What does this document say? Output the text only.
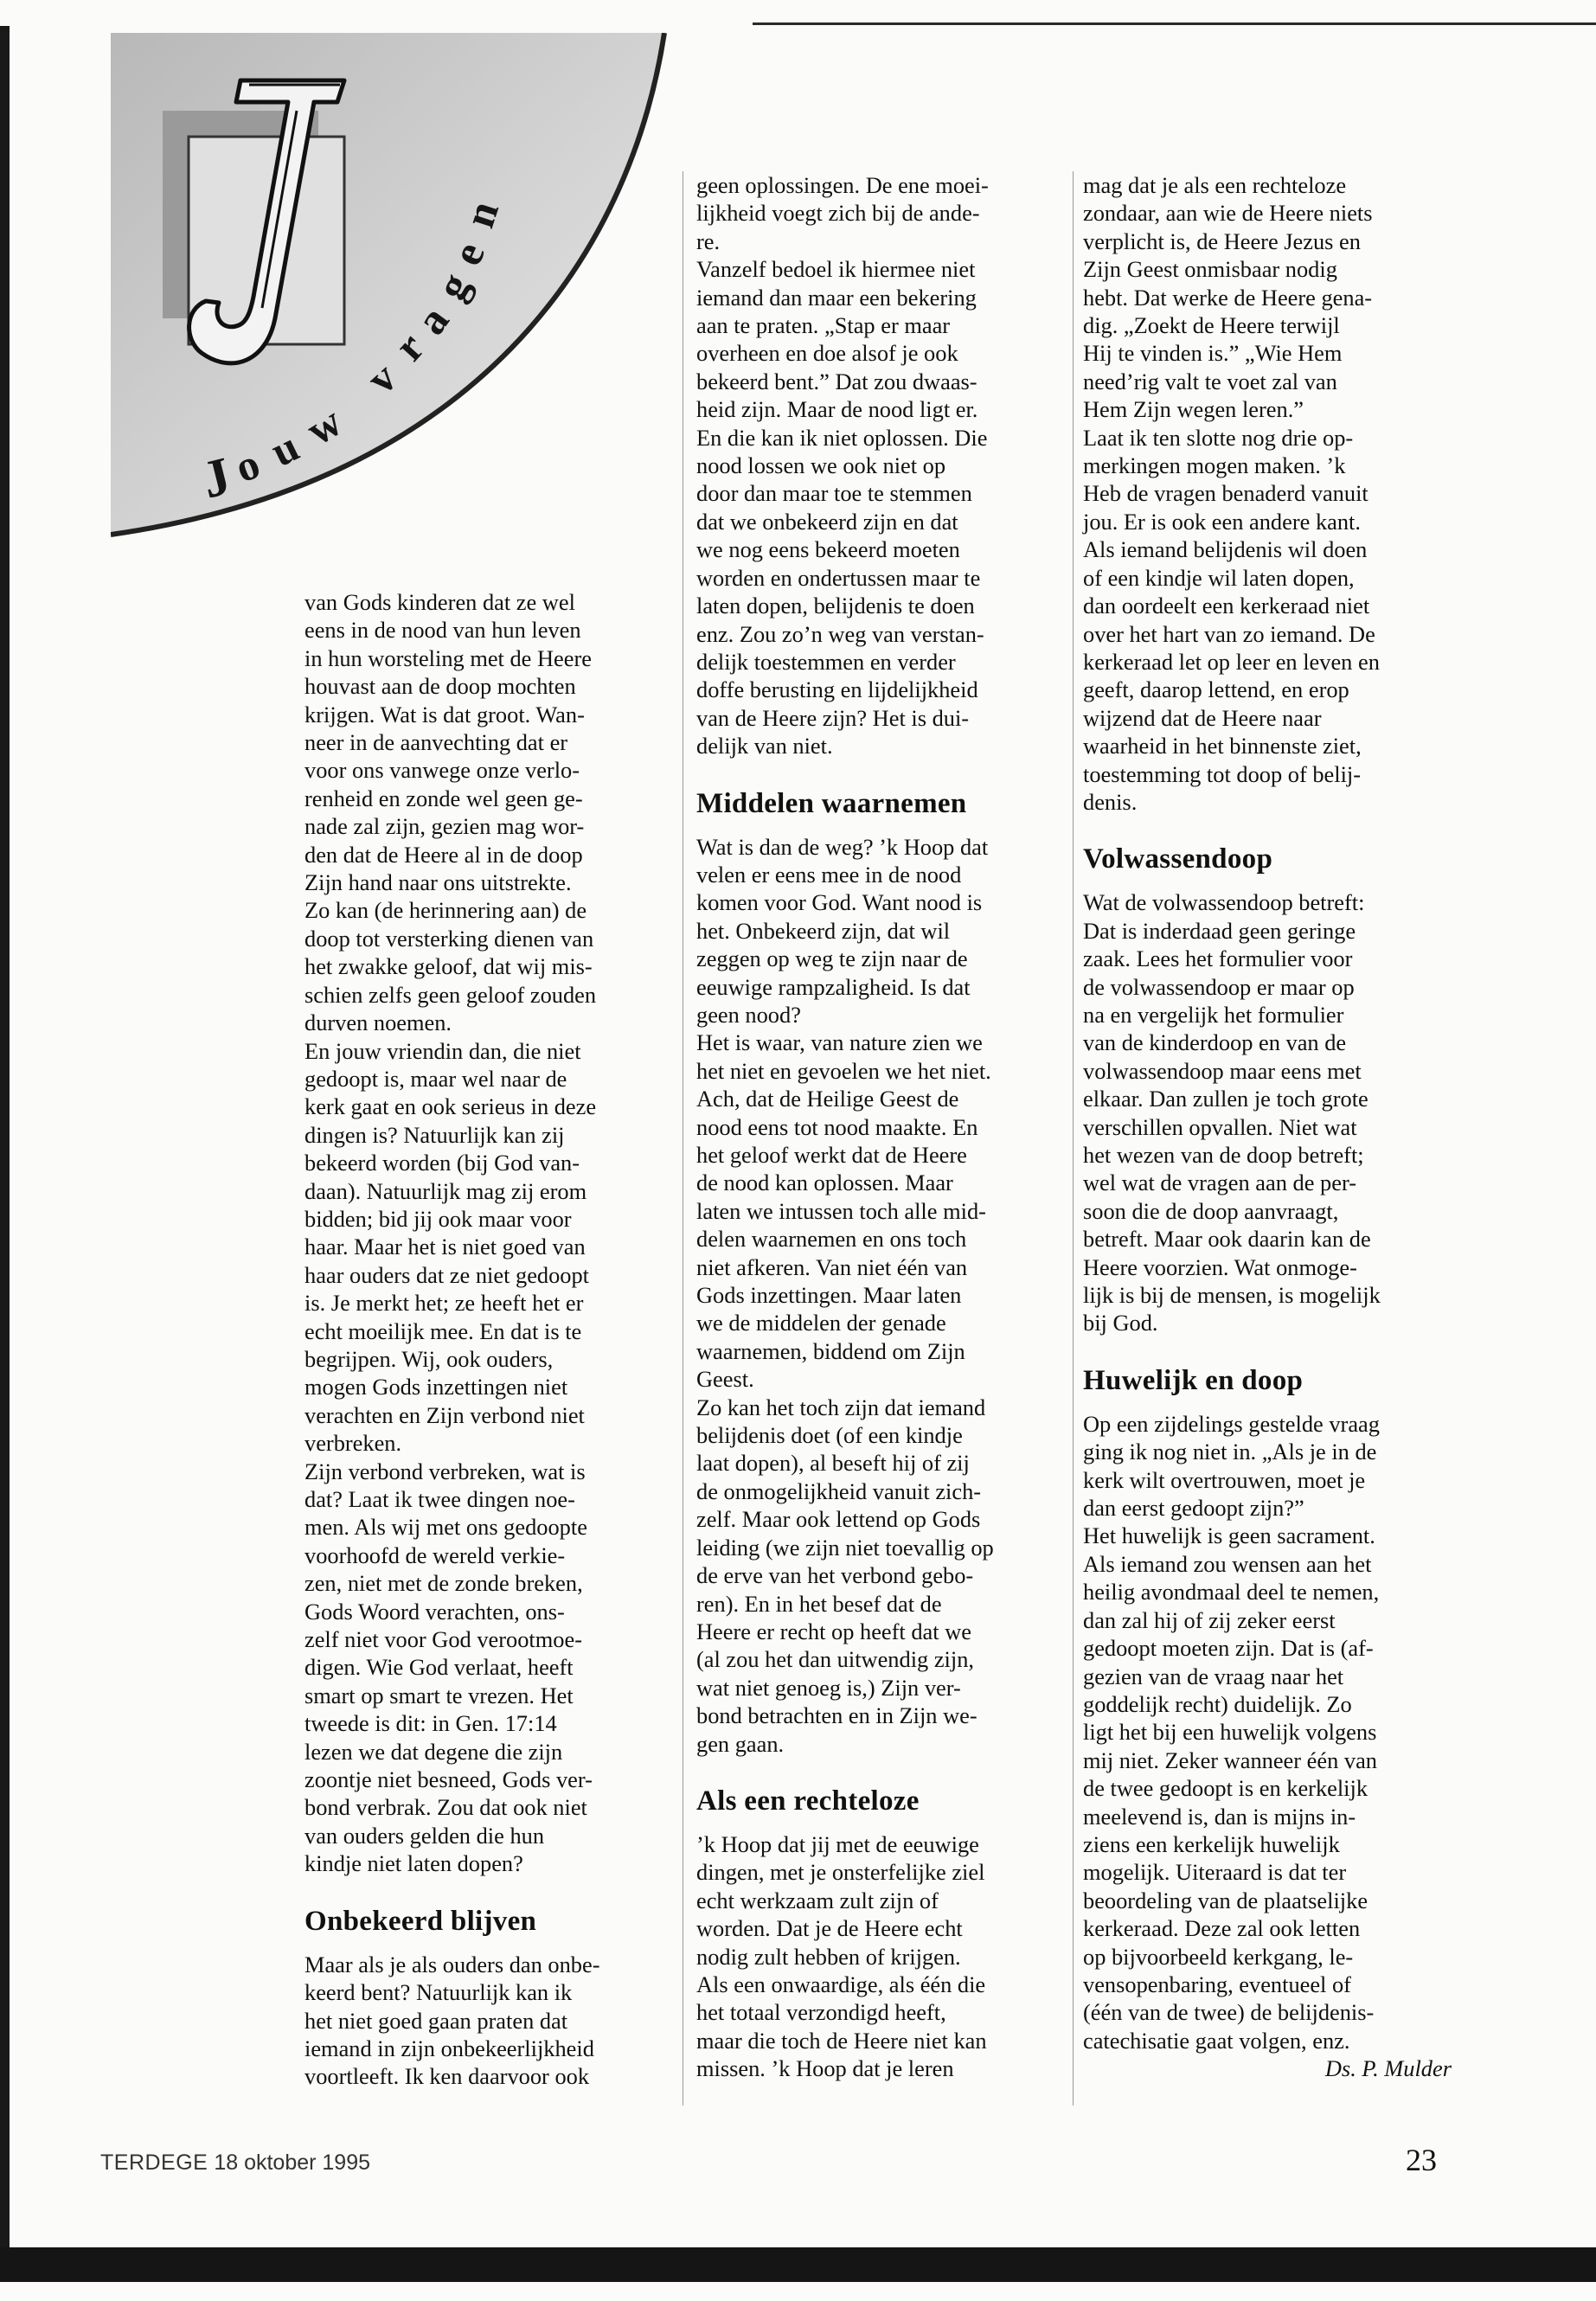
J
o
u
w
v
r
a
g
e
n

van Gods kinderen dat ze wel
eens in de nood van hun leven
in hun worsteling met de Heere
houvast aan de doop mochten
krijgen. Wat is dat groot. Wan-
neer in de aanvechting dat er
voor ons vanwege onze verlo-
renheid en zonde wel geen ge-
nade zal zijn, gezien mag wor-
den dat de Heere al in de doop
Zijn hand naar ons uitstrekte.
Zo kan (de herinnering aan) de
doop tot versterking dienen van
het zwakke geloof, dat wij mis-
schien zelfs geen geloof zouden
durven noemen.

En jouw vriendin dan, die niet
gedoopt is, maar wel naar de
kerk gaat en ook serieus in deze
dingen is? Natuurlijk kan zij
bekeerd worden (bij God van-
daan). Natuurlijk mag zij erom
bidden; bid jij ook maar voor
haar. Maar het is niet goed van
haar ouders dat ze niet gedoopt
is. Je merkt het; ze heeft het er
echt moeilijk mee. En dat is te
begrijpen. Wij, ook ouders,
mogen Gods inzettingen niet
verachten en Zijn verbond niet
verbreken.

Zijn verbond verbreken, wat is
dat? Laat ik twee dingen noe-
men. Als wij met ons gedoopte
voorhoofd de wereld verkie-
zen, niet met de zonde breken,
Gods Woord verachten, ons-
zelf niet voor God verootmoe-
digen. Wie God verlaat, heeft
smart op smart te vrezen. Het
tweede is dit: in Gen. 17:14
lezen we dat degene die zijn
zoontje niet besneed, Gods ver-
bond verbrak. Zou dat ook niet
van ouders gelden die hun
kindje niet laten dopen?

Onbekeerd blijven

Maar als je als ouders dan onbe-
keerd bent? Natuurlijk kan ik
het niet goed gaan praten dat
iemand in zijn onbekeerlijkheid
voortleeft. Ik ken daarvoor ook

geen oplossingen. De ene moei-
lijkheid voegt zich bij de ande-
re.

Vanzelf bedoel ik hiermee niet
iemand dan maar een bekering
aan te praten. „Stap er maar
overheen en doe alsof je ook
bekeerd bent.” Dat zou dwaas-
heid zijn. Maar de nood ligt er.
En die kan ik niet oplossen. Die
nood lossen we ook niet op
door dan maar toe te stemmen
dat we onbekeerd zijn en dat
we nog eens bekeerd moeten
worden en ondertussen maar te
laten dopen, belijdenis te doen
enz. Zou zo’n weg van verstan-
delijk toestemmen en verder
doffe berusting en lijdelijkheid
van de Heere zijn? Het is dui-
delijk van niet.

Middelen waarnemen

Wat is dan de weg? ’k Hoop dat
velen er eens mee in de nood
komen voor God. Want nood is
het. Onbekeerd zijn, dat wil
zeggen op weg te zijn naar de
eeuwige rampzaligheid. Is dat
geen nood?

Het is waar, van nature zien we
het niet en gevoelen we het niet.
Ach, dat de Heilige Geest de
nood eens tot nood maakte. En
het geloof werkt dat de Heere
de nood kan oplossen. Maar
laten we intussen toch alle mid-
delen waarnemen en ons toch
niet afkeren. Van niet één van
Gods inzettingen. Maar laten
we de middelen der genade
waarnemen, biddend om Zijn
Geest.

Zo kan het toch zijn dat iemand
belijdenis doet (of een kindje
laat dopen), al beseft hij of zij
de onmogelijkheid vanuit zich-
zelf. Maar ook lettend op Gods
leiding (we zijn niet toevallig op
de erve van het verbond gebo-
ren). En in het besef dat de
Heere er recht op heeft dat we
(al zou het dan uitwendig zijn,
wat niet genoeg is,) Zijn ver-
bond betrachten en in Zijn we-
gen gaan.

Als een rechteloze

’k Hoop dat jij met de eeuwige
dingen, met je onsterfelijke ziel
echt werkzaam zult zijn of
worden. Dat je de Heere echt
nodig zult hebben of krijgen.
Als een onwaardige, als één die
het totaal verzondigd heeft,
maar die toch de Heere niet kan
missen. ’k Hoop dat je leren

mag dat je als een rechteloze
zondaar, aan wie de Heere niets
verplicht is, de Heere Jezus en
Zijn Geest onmisbaar nodig
hebt. Dat werke de Heere gena-
dig. „Zoekt de Heere terwijl
Hij te vinden is.” „Wie Hem
need’rig valt te voet zal van
Hem Zijn wegen leren.”

Laat ik ten slotte nog drie op-
merkingen mogen maken. ’k
Heb de vragen benaderd vanuit
jou. Er is ook een andere kant.
Als iemand belijdenis wil doen
of een kindje wil laten dopen,
dan oordeelt een kerkeraad niet
over het hart van zo iemand. De
kerkeraad let op leer en leven en
geeft, daarop lettend, en erop
wijzend dat de Heere naar
waarheid in het binnenste ziet,
toestemming tot doop of belij-
denis.

Volwassendoop

Wat de volwassendoop betreft:
Dat is inderdaad geen geringe
zaak. Lees het formulier voor
de volwassendoop er maar op
na en vergelijk het formulier
van de kinderdoop en van de
volwassendoop maar eens met
elkaar. Dan zullen je toch grote
verschillen opvallen. Niet wat
het wezen van de doop betreft;
wel wat de vragen aan de per-
soon die de doop aanvraagt,
betreft. Maar ook daarin kan de
Heere voorzien. Wat onmoge-
lijk is bij de mensen, is mogelijk
bij God.

Huwelijk en doop

Op een zijdelings gestelde vraag
ging ik nog niet in. „Als je in de
kerk wilt overtrouwen, moet je
dan eerst gedoopt zijn?”

Het huwelijk is geen sacrament.
Als iemand zou wensen aan het
heilig avondmaal deel te nemen,
dan zal hij of zij zeker eerst
gedoopt moeten zijn. Dat is (af-
gezien van de vraag naar het
goddelijk recht) duidelijk. Zo
ligt het bij een huwelijk volgens
mij niet. Zeker wanneer één van
de twee gedoopt is en kerkelijk
meelevend is, dan is mijns in-
ziens een kerkelijk huwelijk
mogelijk. Uiteraard is dat ter
beoordeling van de plaatselijke
kerkeraad. Deze zal ook letten
op bijvoorbeeld kerkgang, le-
vensopenbaring, eventueel of
(één van de twee) de belijdenis-
catechisatie gaat volgen, enz.

Ds. P. Mulder

TERDEGE 18 oktober 1995	23
